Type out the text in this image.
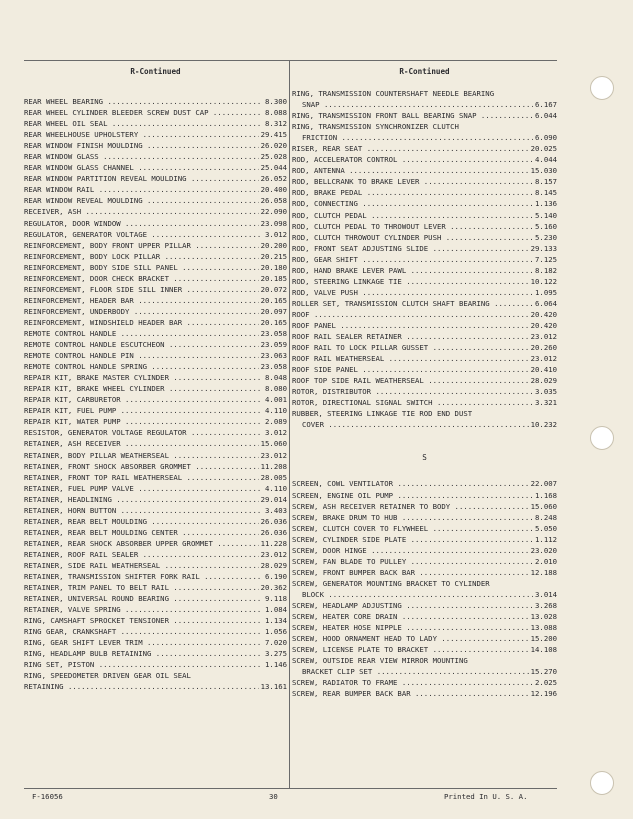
R-Continued
REAR WHEEL BEARING .....	8.300
REAR WHEEL CYLINDER BLEEDER SCREW DUST CAP .....	8.088
REAR WHEEL OIL SEAL .....	8.312
REAR WHEELHOUSE UPHOLSTERY .....	29.415
REAR WINDOW FINISH MOULDING .....	26.020
REAR WINDOW GLASS .....	25.028
REAR WINDOW GLASS CHANNEL .....	25.044
REAR WINDOW PARTITION REVEAL MOULDING .....	26.052
REAR WINDOW RAIL .....	20.400
REAR WINDOW REVEAL MOULDING .....	26.058
RECEIVER, ASH .....	22.090
REGULATOR, DOOR WINDOW .....	23.098
REGULATOR, GENERATOR VOLTAGE .....	3.012
REINFORCEMENT, BODY FRONT UPPER PILLAR .....	20.200
REINFORCEMENT, BODY LOCK PILLAR .....	20.215
REINFORCEMENT, BODY SIDE SILL PANEL .....	20.180
REINFORCEMENT, DOOR CHECK BRACKET .....	20.185
REINFORCEMENT, FLOOR SIDE SILL INNER .....	20.072
REINFORCEMENT, HEADER BAR .....	20.165
REINFORCEMENT, UNDERBODY .....	20.097
REINFORCEMENT, WINDSHIELD HEADER BAR .....	20.165
REMOTE CONTROL HANDLE .....	23.058
REMOTE CONTROL HANDLE ESCUTCHEON .....	23.059
REMOTE CONTROL HANDLE PIN .....	23.063
REMOTE CONTROL HANDLE SPRING .....	23.058
REPAIR KIT, BRAKE MASTER CYLINDER .....	8.048
REPAIR KIT, BRAKE WHEEL CYLINDER .....	8.080
REPAIR KIT, CARBURETOR .....	4.001
REPAIR KIT, FUEL PUMP .....	4.110
REPAIR KIT, WATER PUMP .....	2.089
RESISTOR, GENERATOR VOLTAGE REGULATOR .....	3.012
RETAINER, ASH RECEIVER .....	15.060
RETAINER, BODY PILLAR WEATHERSEAL .....	23.012
RETAINER, FRONT SHOCK ABSORBER GROMMET .....	11.208
RETAINER, FRONT TOP RAIL WEATHERSEAL .....	28.005
RETAINER, FUEL PUMP VALVE .....	4.110
RETAINER, HEADLINING .....	29.014
RETAINER, HORN BUTTON .....	3.403
RETAINER, REAR BELT MOULDING .....	26.036
RETAINER, REAR BELT MOULDING CENTER .....	26.036
RETAINER, REAR SHOCK ABSORBER UPPER GROMMET .....	11.228
RETAINER, ROOF RAIL SEALER .....	23.012
RETAINER, SIDE RAIL WEATHERSEAL .....	28.029
RETAINER, TRANSMISSION SHIFTER FORK RAIL .....	6.190
RETAINER, TRIM PANEL TO BELT RAIL .....	20.362
RETAINER, UNIVERSAL ROUND BEARING .....	9.118
RETAINER, VALVE SPRING .....	1.084
RING, CAMSHAFT SPROCKET TENSIONER .....	1.134
RING GEAR, CRANKSHAFT .....	1.056
RING, GEAR SHIFT LEVER TRIM .....	7.020
RING, HEADLAMP BULB RETAINING .....	3.275
RING SET, PISTON .....	1.146
RING, SPEEDOMETER DRIVEN GEAR OIL SEAL
RETAINING .....	13.161
R-Continued
RING, TRANSMISSION COUNTERSHAFT NEEDLE BEARING
SNAP .....	6.167
RING, TRANSMISSION FRONT BALL BEARING SNAP .....	6.044
RING, TRANSMISSION SYNCHRONIZER CLUTCH
FRICTION .....	6.090
RISER, REAR SEAT .....	20.025
ROD, ACCELERATOR CONTROL .....	4.044
ROD, ANTENNA .....	15.030
ROD, BELLCRANK TO BRAKE LEVER .....	8.157
ROD, BRAKE PEDAL .....	8.145
ROD, CONNECTING .....	1.136
ROD, CLUTCH PEDAL .....	5.140
ROD, CLUTCH PEDAL TO THROWOUT LEVER .....	5.160
ROD, CLUTCH THROWOUT CYLINDER PUSH .....	5.230
ROD, FRONT SEAT ADJUSTING SLIDE .....	29.133
ROD, GEAR SHIFT .....	7.125
ROD, HAND BRAKE LEVER PAWL .....	8.182
ROD, STEERING LINKAGE TIE .....	10.122
ROD, VALVE PUSH .....	1.095
ROLLER SET, TRANSMISSION CLUTCH SHAFT BEARING .....	6.064
ROOF .....	20.420
ROOF PANEL .....	20.420
ROOF RAIL SEALER RETAINER .....	23.012
ROOF RAIL TO LOCK PILLAR GUSSET .....	20.260
ROOF RAIL WEATHERSEAL .....	23.012
ROOF SIDE PANEL .....	20.410
ROOF TOP SIDE RAIL WEATHERSEAL .....	28.029
ROTOR, DISTRIBUTOR .....	3.035
ROTOR, DIRECTIONAL SIGNAL SWITCH .....	3.321
RUBBER, STEERING LINKAGE TIE ROD END DUST
COVER .....	10.232
S
SCREEN, COWL VENTILATOR .....	22.007
SCREEN, ENGINE OIL PUMP .....	1.168
SCREW, ASH RECEIVER RETAINER TO BODY .....	15.060
SCREW, BRAKE DRUM TO HUB .....	8.248
SCREW, CLUTCH COVER TO FLYWHEEL .....	5.050
SCREW, CYLINDER SIDE PLATE .....	1.112
SCREW, DOOR HINGE .....	23.020
SCREW, FAN BLADE TO PULLEY .....	2.010
SCREW, FRONT BUMPER BACK BAR .....	12.188
SCREW, GENERATOR MOUNTING BRACKET TO CYLINDER
BLOCK .....	3.014
SCREW, HEADLAMP ADJUSTING .....	3.268
SCREW, HEATER CORE DRAIN .....	13.028
SCREW, HEATER HOSE NIPPLE .....	13.088
SCREW, HOOD ORNAMENT HEAD TO LADY .....	15.200
SCREW, LICENSE PLATE TO BRACKET .....	14.108
SCREW, OUTSIDE REAR VIEW MIRROR MOUNTING
BRACKET CLIP SET .....	15.270
SCREW, RADIATOR TO FRAME .....	2.025
SCREW, REAR BUMPER BACK BAR .....	12.196
F-16056	30	Printed In U. S. A.
